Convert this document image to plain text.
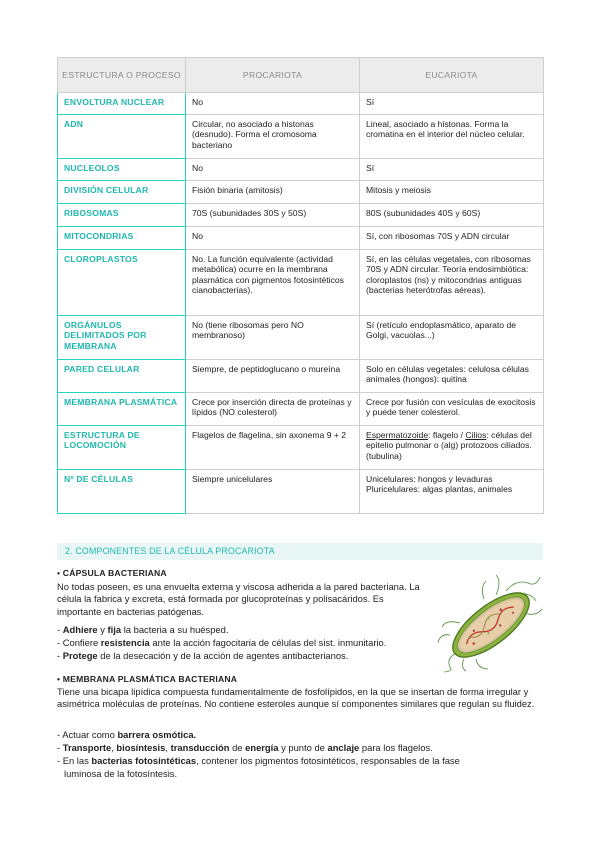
ESTRUCTURA O PROCESO	PROCARIOTA	EUCARIOTA
ENVOLTURA NUCLEAR	No	Sí
ADN	Circular, no asociado a histonas (desnudo). Forma el cromosoma bacteriano	Lineal, asociado a histonas. Forma la cromatina en el interior del núcleo celular.
NUCLEOLOS	No	Sí
DIVISIÓN CELULAR	Fisión binaria (amitosis)	Mitosis y meiosis
RIBOSOMAS	70S (subunidades 30S y 50S)	80S (subunidades 40S y 60S)
MITOCONDRIAS	No	Sí, con ribosomas 70S y ADN circular
CLOROPLASTOS	No. La función equivalente (actividad metabólica) ocurre en la membrana plasmática con pigmentos fotosintéticos cianobacterias).	Sí, en las células vegetales, con ribosomas 70S y ADN circular. Teoría endosimbiótica: cloroplastos (ns) y mitocondrias antiguas (bacterias heterótrofas aéreas).
ORGÁNULOS DELIMITADOS POR MEMBRANA	No (tiene ribosomas pero NO membranoso)	Sí (retículo endoplasmático, aparato de Golgi, vacuolas...)
PARED CELULAR	Siempre, de peptidoglucano o mureína	Solo en células vegetales: celulosa células animales (hongos): quitina
MEMBRANA PLASMÁTICA	Crece por inserción directa de proteínas y lípidos (NO colesterol)	Crece por fusión con vesículas de exocitosis y puede tener colesterol.
ESTRUCTURA DE LOCOMOCIÓN	Flagelos de flagelina, sin axonema 9 + 2	Espermatozoide: flagelo / Cilios: células del epitelio pulmonar o (alg) protozoos ciliados. (tubulina)
Nº DE CÉLULAS	Siempre unicelulares	Unicelulares: hongos y levaduras Pluricelulares: algas plantas, animales
2. COMPONENTES DE LA CÉLULA PROCARIOTA
• CÁPSULA BACTERIANA
No todas poseen, es una envuelta externa y viscosa adherida a la pared bacteriana. La célula la fabrica y excreta, está formada por glucoproteínas y polisacáridos. Es importante en bacterias patógenas.
- Adhiere y fija la bacteria a su huésped.
- Confiere resistencia ante la acción fagocitaria de células del sist. inmunitario.
- Protege de la desecación y de la acción de agentes antibacterianos.
• MEMBRANA PLASMÁTICA BACTERIANA
Tiene una bicapa lipídica compuesta fundamentalmente de fosfolípidos, en la que se insertan de forma irregular y asimétrica moléculas de proteínas. No contiene esteroles aunque sí componentes similares que regulan su fluidez.
- Actuar como barrera osmótica.
- Transporte, biosíntesis, transducción de energía y punto de anclaje para los flagelos.
- En las bacterias fotosintéticas, contener los pigmentos fotosintéticos, responsables de la fase
luminosa de la fotosíntesis.
